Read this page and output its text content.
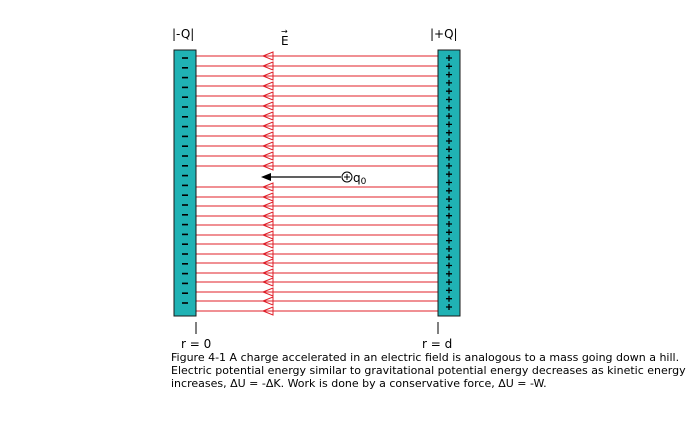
|-Q|	|+Q|
→
E
$q_0$
r = 0	r = d
Figure 4-1 A charge accelerated in an electric field is analogous to a mass going down a hill.
Electric potential energy similar to gravitational potential energy decreases as kinetic energy
increases, ΔU = -ΔK. Work is done by a conservative force, ΔU = -W.
